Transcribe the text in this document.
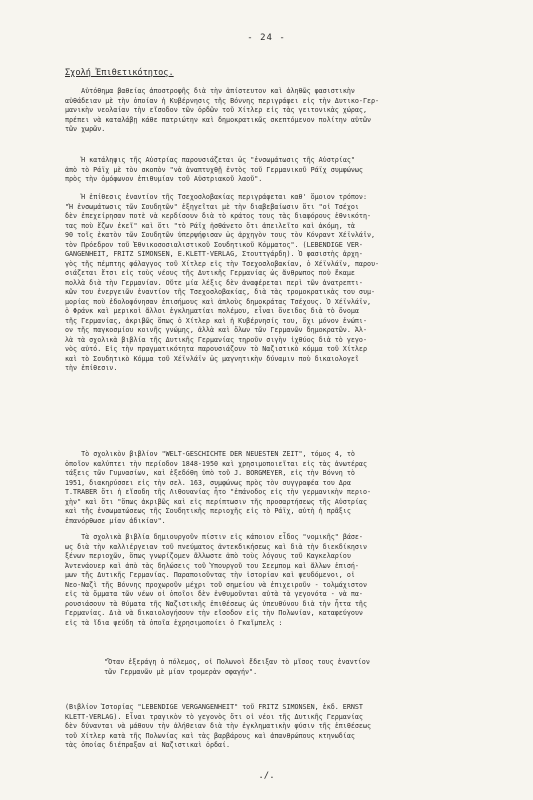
- 24 -
Σχολή Ἐπιθετικότητος.
Αὐτόθημα βαθείας ἀποστροφῆς διὰ τὴν ἀπίστευτον καὶ ἀληθῶς φασιστικὴν
αὐθάδειαν μὲ τὴν ὁποίαν ἡ Κυβέρνησις τῆς Βόννης περιγράφει εἰς τὴν Δυτικο-Γερ-
μανικὴν νεολαίαν τὴν εἴσοδον τῶν ὀρδῶν τοῦ Χίτλερ εἰς τὰς γειτονικὰς χώρας,
πρέπει νὰ καταλάβῃ κάθε πατριώτην καὶ δημοκρατικῶς σκεπτόμενον πολίτην αὐτῶν
τῶν χωρῶν.
Ἡ κατάληψις τῆς Αὐστρίας παρουσιάζεται ὡς "ἐνσωμάτωσις τῆς Αὐστρίας"
ἀπὸ τὸ Ράϊχ μὲ τὸν σκοπὸν "νὰ ἀναπτυχθῇ ἐντὸς τοῦ Γερμανικοῦ Ράϊχ συμφώνως
πρὸς τὴν ὁμόφωνον ἐπιθυμίαν τοῦ Αὐστριακοῦ λαοῦ".
Ἡ ἐπίθεσις ἐναντίον τῆς Τσεχοσλοβακίας περιγράφεται καθ' ὅμοιον τρόπον:
"Ἡ ἐνσωμάτωσις τῶν Σουδητῶν" ἐξηγεῖται μὲ τὴν διαβεβαίωσιν ὅτι "οἱ Τσέχοι
δὲν ἐπεχείρησαν ποτὲ νὰ κερδίσουν διὰ τὸ κράτος τους τὰς διαφόρους ἐθνικότη-
τας ποὺ ἔζων ἐκεῖ" καὶ ὅτι "τὸ Ράϊχ ἠσθάνετο ὅτι ἀπειλεῖτο καὶ ἀκόμη, τὰ
90 τοῖς ἑκατὸν τῶν Σουδητῶν ὑπερψήφισαν ὡς ἀρχηγὸν τους τὸν Κόνραντ Χέϊνλάϊν,
τὸν Πρόεδρον τοῦ Ἐθνικοσοσιαλιστικοῦ Σουδητικοῦ Κόμματος". (LEBENDIGE VER-
GANGENHEIT, FRITZ SIMONSEN, E.KLETT-VERLAG, Στουττγάρδη). Ὁ φασιστὴς ἀρχη-
γὸς τῆς πέμπτης φάλαγγος τοῦ Χίτλερ εἰς τὴν Τσεχοσλοβακίαν, ὁ Χέϊνλάϊν, παρου-
σιάζεται ἔτσι εἰς τοὺς νέους τῆς Δυτικῆς Γερμανίας ὡς ἄνθρωπος ποὺ ἔκαμε
πολλὰ διὰ τὴν Γερμανίαν. Οὔτε μία λέξις δὲν ἀναφέρεται περὶ τῶν ἀνατρεπτι-
κῶν του ἐνεργειῶν ἐναντίον τῆς Τσεχοσλοβακίας, διὰ τὰς τρομοκρατικὰς του συμ-
μορίας ποὺ ἐδολοφόνησαν ἐπισήμους καὶ ἁπλοὺς δημοκράτας Τσέχους. Ὁ Χέϊνλάϊν,
ὁ Φράνκ καὶ μερικοὶ ἄλλοι ἐγκληματίαι πολέμου, εἶναι ὄνειδος διὰ τὸ ὄνομα
τῆς Γερμανίας, ἀκριβῶς ὅπως ὁ Χίτλερ καὶ ἡ Κυβέρνησίς του, ὄχι μόνον ἐνώπι-
ον τῆς παγκοσμίου κοινῆς γνώμης, ἀλλὰ καὶ ὅλων τῶν Γερμανῶν δημοκρατῶν. Ἀλ-
λὰ τὰ σχολικὰ βιβλία τῆς Δυτικῆς Γερμανίας τηροῦν σιγὴν ἰχθύος διὰ τὸ γεγο-
νὸς αὐτό. Εἰς τὴν πραγματικότητα παρουσιάζουν τὸ Ναζιστικὸ κόμμα τοῦ Χίτλερ
καὶ τὸ Σουδητικὸ Κόμμα τοῦ Χέϊνλάϊν ὡς μαγνητικὴν δύναμιν ποὺ δικαιολογεῖ
τὴν ἐπίθεσιν.
Τὸ σχολικὸν βιβλίον "WELT-GESCHICHTE DER NEUESTEN ZEIT", τόμος 4, τὸ
ὁποῖον καλύπτει τὴν περίοδον 1848-1950 καὶ χρησιμοποιεῖται εἰς τὰς ἀνωτέρας
τάξεις τῶν Γυμνασίων, καὶ ἐξεδόθη ὑπὸ τοῦ J. BORGMEYER, εἰς τὴν Βόννη τὸ
1951, διακηρύσσει εἰς τὴν σελ. 163, συμφώνως πρὸς τὸν συγγραφέα του Δρα
T.TRABER ὅτι ἡ εἴσοδη τῆς Λιθουανίας ἦτο "ἐπάνοδος εἰς τὴν γερμανικὴν περιο-
χὴν" καὶ ὅτι "ὅπως ἀκριβῶς καὶ εἰς περίπτωσιν τῆς προσαρτήσεως τῆς Αὐστρίας
καὶ τῆς ἐνσωματώσεως τῆς Σουδητικῆς περιοχῆς εἰς τὸ Ράϊχ, αὐτὴ ἡ πρᾶξις
ἐπανόρθωσε μίαν ἀδικίαν".
Τὰ σχολικὰ βιβλία δημιουργοῦν πίστιν εἰς κάποιον εἶδος "νομικῆς" βάσε-
ως διὰ τὴν καλλιέργειαν τοῦ πνεύματος ἀντεκδικήσεως καὶ διὰ τὴν διεκδίκησιν
ξένων περιοχῶν, ὅπως γνωρίζομεν ἄλλωστε ἀπὸ τοὺς λόγους τοῦ Καγκελαρίου
Ἀντενάουερ καὶ ἀπὸ τὰς δηλώσεις τοῦ Ὑπουργοῦ του Σεεμπομ καὶ ἄλλων ἐπισή-
μων τῆς Δυτικῆς Γερμανίας. Παραποιοῦντας τὴν ἱστορίαν καὶ ψευδόμενοι, οἱ
Νεο-Ναζὶ τῆς Βόννης προχωροῦν μέχρι τοῦ σημείου νὰ ἐπιχειροῦν - τολμάχιστον
εἰς τὰ ὄμματα τῶν νέων οἱ ὁποῖοι δὲν ἐνθυμοῦνται αὐτὰ τὰ γεγονότα - νὰ πα-
ρουσιάσουν τὰ θύματα τῆς Ναζιστικῆς ἐπιθέσεως ὡς ὑπευθύνου διὰ τὴν ἧττα τῆς
Γερμανίας. Διὰ νὰ δικαιολογήσουν τὴν εἴσοδον εἰς τὴν Πολωνίαν, καταφεύγουν
εἰς τὰ ἴδια ψεύδη τὰ ὁποῖα ἐχρησιμοποίει ὁ Γκαῖμπελς :
"Ὅταν ἐξεράγη ὁ πόλεμος, οἱ Πολωνοὶ ἔδειξαν τὸ μῖσος τους ἐναντίον
τῶν Γερμανῶν μὲ μίαν τρομερὰν σφαγήν".
(Βιβλίον Ἱστορίας "LEBENDIGE VERGANGENHEIT" τοῦ FRITZ SIMONSEN, ἐκδ. ERNST
KLETT-VERLAG). Εἶναι τραγικὸν τὸ γεγονὸς ὅτι οἱ νέοι τῆς Δυτικῆς Γερμανίας
δὲν δύνανται νὰ μάθουν τὴν ἀλήθειαν διὰ τὴν ἐγκληματικὴν φύσιν τῆς ἐπιθέσεως
τοῦ Χίτλερ κατὰ τῆς Πολωνίας καὶ τὰς βαρβάρους καὶ ἀπανθρώπους κτηνωδίας
τὰς ὁποίας διέπραξαν αἱ Ναζιστικαὶ ὀρδαί.
./.
